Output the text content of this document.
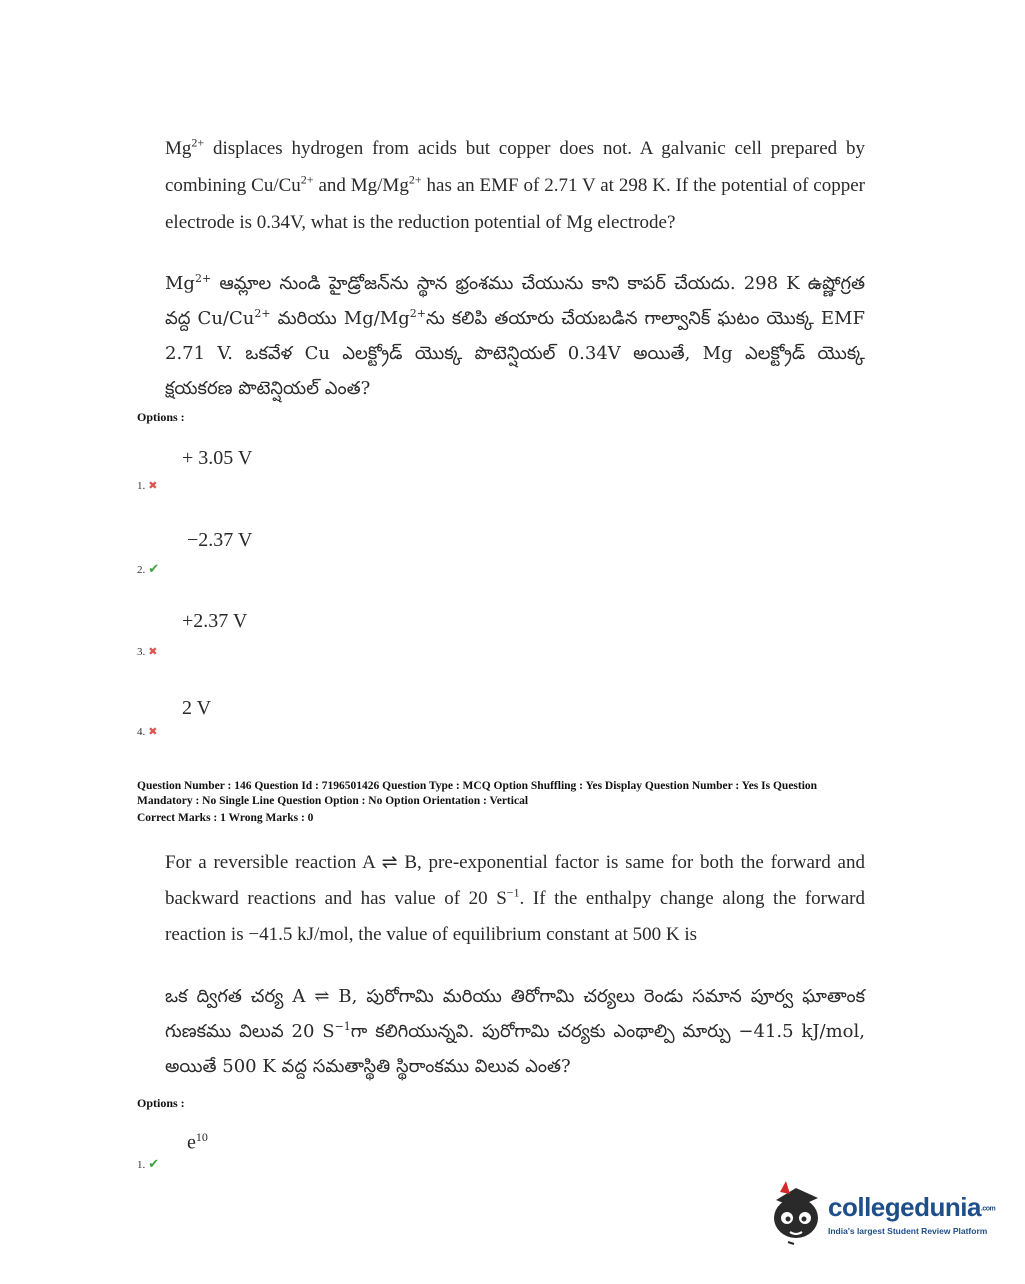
$Mg^{2+}$ displaces hydrogen from acids but copper does not. A galvanic cell prepared by combining $Cu/Cu^{2+}$ and $Mg/Mg^{2+}$ has an EMF of 2.71 V at 298 K. If the potential of copper electrode is 0.34V, what is the reduction potential of Mg electrode?
$Mg^{2+}$ ఆమ్లాల నుండి హైడ్రోజన్‌ను స్థాన భ్రంశము చేయును కాని కాపర్ చేయదు. 298 K ఉష్ణోగ్రత వద్ద $Cu/Cu^{2+}$ మరియు $Mg/Mg^{2+}ను$ కలిపి తయారు చేయబడిన గాల్వానిక్ ఘటం యొక్క EMF 2.71 V. ఒకవేళ Cu ఎలక్ట్రోడ్ యొక్క పొటెన్షియల్ 0.34V అయితే, Mg ఎలక్ట్రోడ్ యొక్క క్షయకరణ పొటెన్షియల్ ఎంత?
Options :
+ 3.05 V
1. ✖
−2.37 V
2. ✔
+2.37 V
3. ✖
2 V
4. ✖
Question Number : 146 Question Id : 7196501426 Question Type : MCQ Option Shuffling : Yes Display Question Number : Yes Is Question
Mandatory : No Single Line Question Option : No Option Orientation : Vertical
Correct Marks : 1 Wrong Marks : 0
For a reversible reaction A ⇌ B, pre-exponential factor is same for both the forward and backward reactions and has value of 20 $S^{-1}$. If the enthalpy change along the forward reaction is −41.5 kJ/mol, the value of equilibrium constant at 500 K is
ఒక ద్విగత చర్య A ⇌ B, పురోగామి మరియు తిరోగామి చర్యలు రెండు సమాన పూర్వ ఘాతాంక గుణకము విలువ 20 $S^{-1}గా$ కలిగియున్నవి. పురోగామి చర్యకు ఎంథాల్పి మార్పు −41.5 kJ/mol, అయితే 500 K వద్ద సమతాస్థితి స్థిరాంకము విలువ ఎంత?
Options :
$e^{10}$
1. ✔
collegedunia.com
India's largest Student Review Platform
